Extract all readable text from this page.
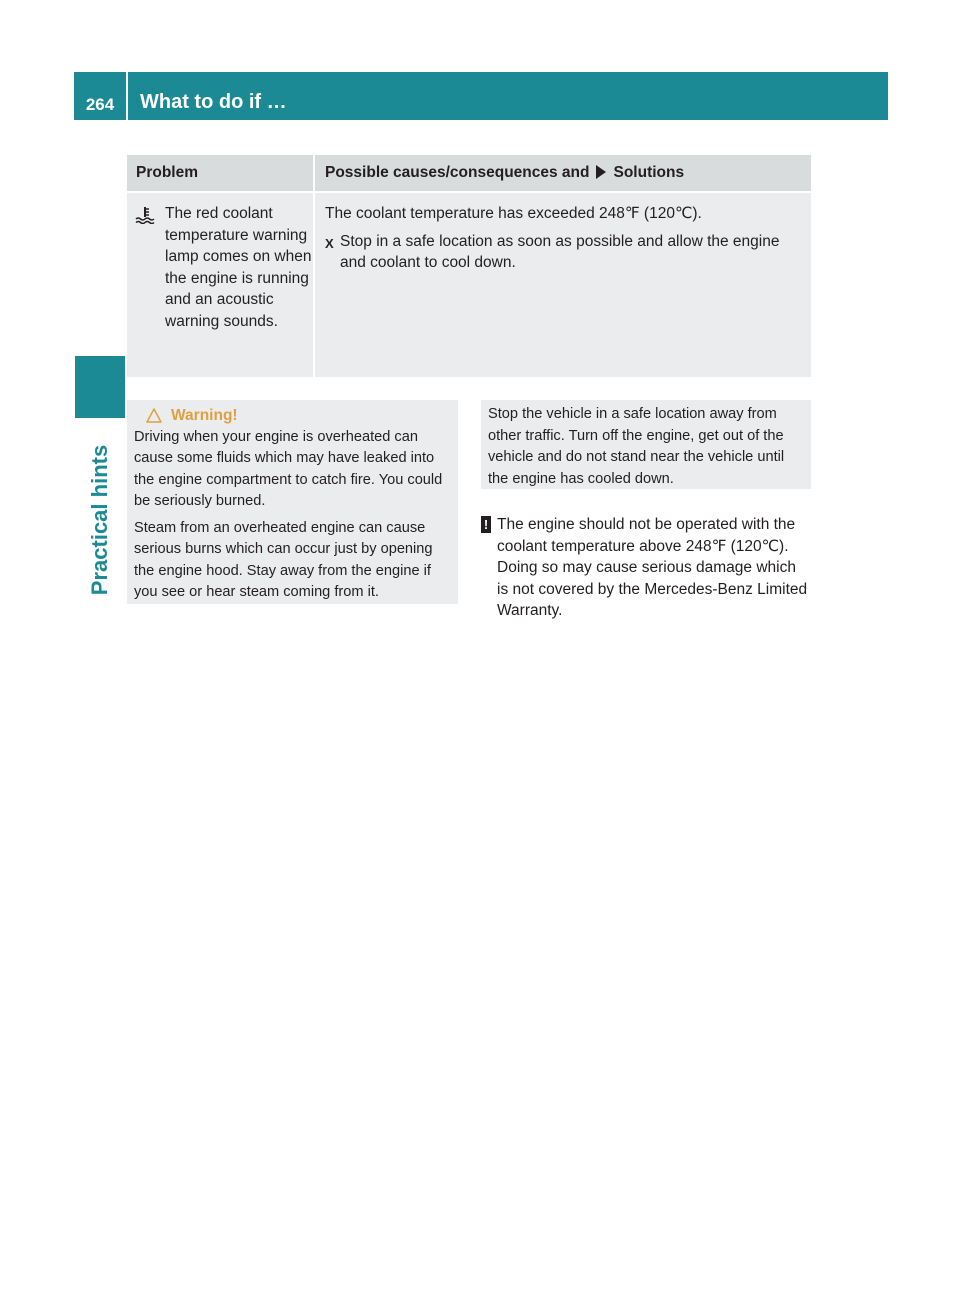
264	What to do if …
Practical hints
Problem	Possible causes/consequences and Solutions
The red coolant temperature warning lamp comes on when the engine is running and an acoustic warning sounds.
The coolant temperature has exceeded 248℉ (120℃).
X Stop in a safe location as soon as possible and allow the engine and coolant to cool down.
Warning!

Driving when your engine is overheated can cause some fluids which may have leaked into the engine compartment to catch fire. You could be seriously burned.

Steam from an overheated engine can cause serious burns which can occur just by opening the engine hood. Stay away from the engine if you see or hear steam coming from it.

Stop the vehicle in a safe location away from other traffic. Turn off the engine, get out of the vehicle and do not stand near the vehicle until the engine has cooled down.
! The engine should not be operated with the coolant temperature above 248℉ (120℃). Doing so may cause serious damage which is not covered by the Mercedes-Benz Limited Warranty.
